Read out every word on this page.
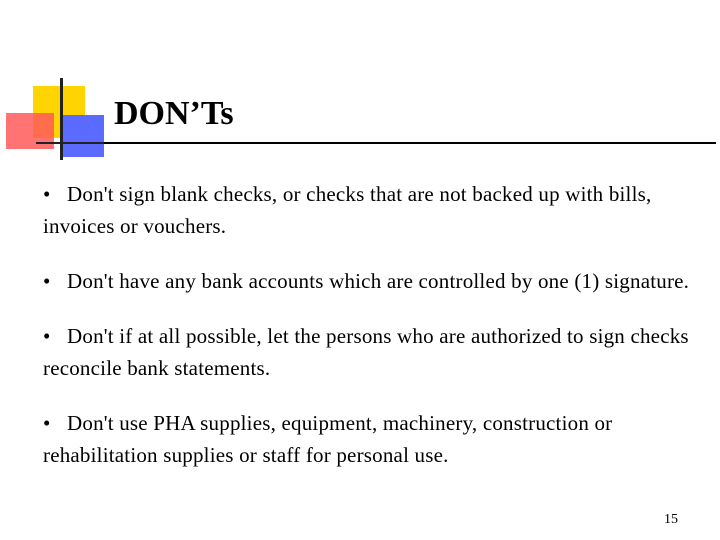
DON’Ts
• Don't sign blank checks, or checks that are not backed up with bills, invoices or vouchers.
• Don't have any bank accounts which are controlled by one (1) signature.
• Don't if at all possible, let the persons who are authorized to sign checks reconcile bank statements.
• Don't use PHA supplies, equipment, machinery, construction or rehabilitation supplies or staff for personal use.
15
